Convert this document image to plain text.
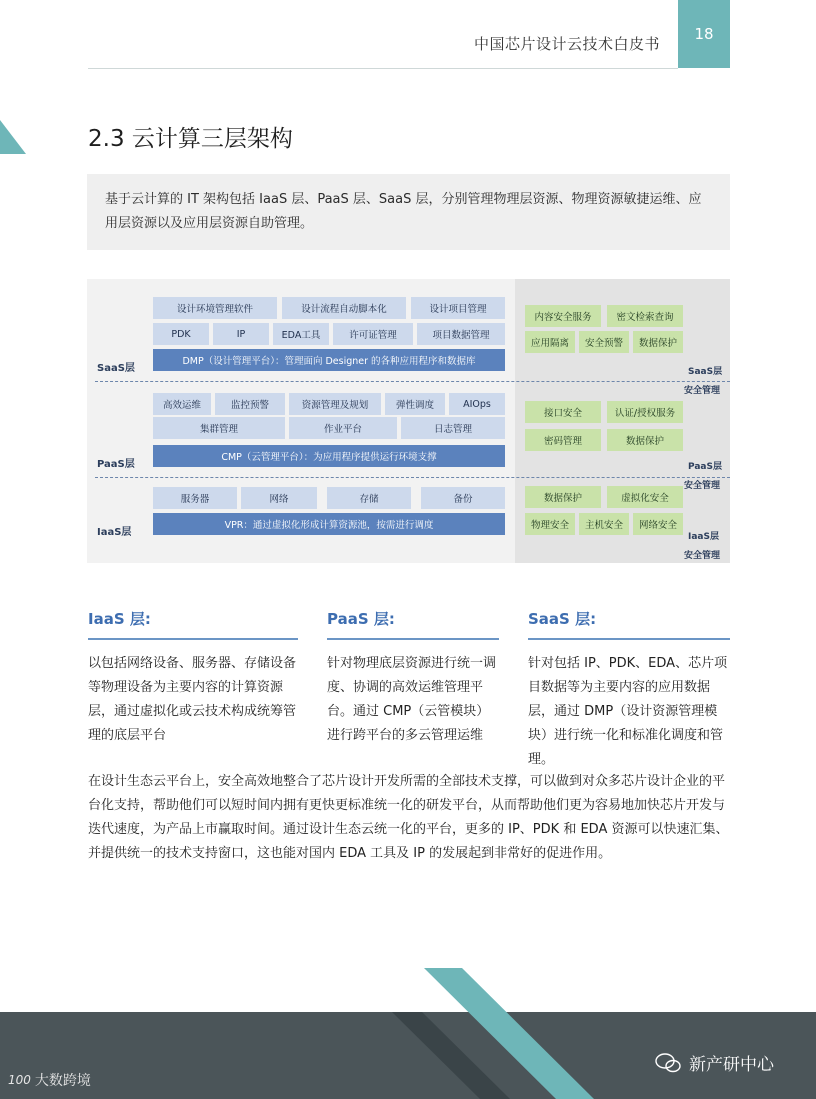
中国芯片设计云技术白皮书
18
2.3 云计算三层架构
基于云计算的 IT 架构包括 IaaS 层、PaaS 层、SaaS 层，分别管理物理层资源、物理资源敏捷运维、应用层资源以及应用层资源自助管理。
设计环境管理软件	设计流程自动脚本化	设计项目管理
PDK	IP	EDA工具	许可证管理	项目数据管理
DMP（设计管理平台）：管理面向 Designer 的各种应用程序和数据库
SaaS层
高效运维	监控预警	资源管理及规划	弹性调度	AIOps
集群管理	作业平台	日志管理
CMP（云管理平台）：为应用程序提供运行环境支撑
PaaS层
服务器	网络	存储	备份
VPR：通过虚拟化形成计算资源池，按需进行调度
IaaS层
内容安全服务	密文检索查询
应用隔离	安全预警	数据保护
SaaS层
安全管理
接口安全	认证/授权服务
密码管理	数据保护
PaaS层
安全管理
数据保护	虚拟化安全
物理安全	主机安全	网络安全
IaaS层
安全管理
IaaS 层:

以包括网络设备、服务器、存储设备等物理设备为主要内容的计算资源层，通过虚拟化或云技术构成统筹管理的底层平台

PaaS 层:

针对物理底层资源进行统一调度、协调的高效运维管理平台。通过 CMP（云管模块）进行跨平台的多云管理运维

SaaS 层:

针对包括 IP、PDK、EDA、芯片项目数据等为主要内容的应用数据层，通过 DMP（设计资源管理模块）进行统一化和标准化调度和管理。

在设计生态云平台上，安全高效地整合了芯片设计开发所需的全部技术支撑，可以做到对众多芯片设计企业的平台化支持，帮助他们可以短时间内拥有更快更标准统一化的研发平台，从而帮助他们更为容易地加快芯片开发与迭代速度，为产品上市赢取时间。通过设计生态云统一化的平台，更多的 IP、PDK 和 EDA 资源可以快速汇集、并提供统一的技术支持窗口，这也能对国内 EDA 工具及 IP 的发展起到非常好的促进作用。
100 大数跨境
新产研中心
